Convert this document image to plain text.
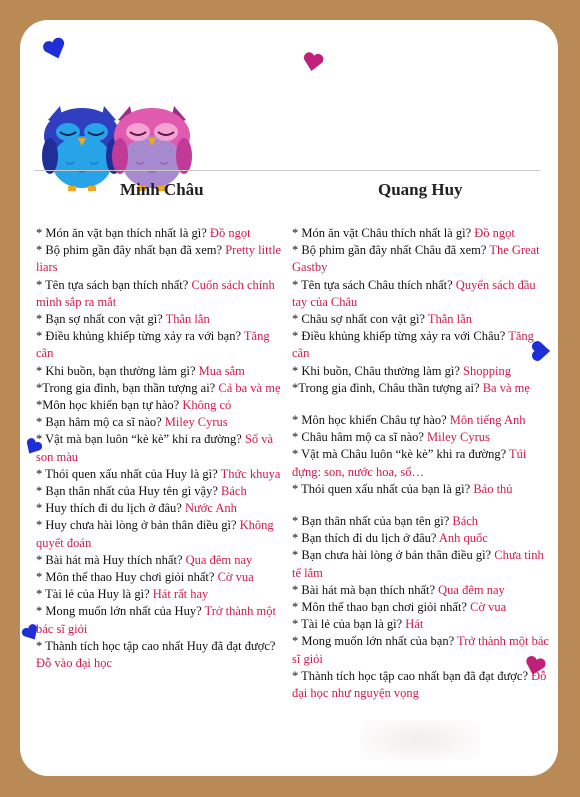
Minh Châu
* Món ăn vặt bạn thích nhất là gì? Đồ ngọt
* Bộ phim gần đây nhất bạn đã xem? Pretty little liars
* Tên tựa sách bạn thích nhất? Cuốn sách chính mình sắp ra mắt
* Bạn sợ nhất con vật gì? Thằn lằn
* Điều khủng khiếp từng xảy ra với bạn? Tăng cân
* Khi buồn, bạn thường làm gì? Mua sắm
*Trong gia đình, bạn thần tượng ai? Cả ba và mẹ
*Môn học khiến bạn tự hào? Không có
* Bạn hâm mộ ca sĩ nào? Miley Cyrus
* Vật mà bạn luôn “kè kè” khi ra đường? Sổ và son màu
* Thói quen xấu nhất của Huy là gì? Thức khuya
* Bạn thân nhất của Huy tên gì vậy? Bách
* Huy thích đi du lịch ở đâu? Nước Anh
* Huy chưa hài lòng ở bản thân điều gì? Không quyết đoán
* Bài hát mà Huy thích nhất? Qua đêm nay
* Môn thể thao Huy chơi giỏi nhất? Cờ vua
* Tài lẻ của Huy là gì? Hát rất hay
* Mong muốn lớn nhất của Huy? Trở thành một bác sĩ giỏi
* Thành tích học tập cao nhất Huy đã đạt được? Đỗ vào đại học
Quang Huy
* Món ăn vặt Châu thích nhất là gì? Đồ ngọt
* Bộ phim gần đây nhất Châu đã xem? The Great Gastby
* Tên tựa sách Châu thích nhất? Quyển sách đầu tay của Châu
* Châu sợ nhất con vật gì? Thằn lằn
* Điều khủng khiếp từng xảy ra với Châu? Tăng cân
* Khi buồn, Châu thường làm gì? Shopping
*Trong gia đình, Châu thần tượng ai? Ba và mẹ
* Môn học khiến Châu tự hào? Môn tiếng Anh
* Châu hâm mộ ca sĩ nào? Miley Cyrus
* Vật mà Châu luôn “kè kè” khi ra đường? Túi đựng: son, nước hoa, sổ…
* Thói quen xấu nhất của bạn là gì? Bảo thủ
* Bạn thân nhất của bạn tên gì? Bách
* Bạn thích đi du lịch ở đâu? Anh quốc
* Bạn chưa hài lòng ở bản thân điều gì? Chưa tinh tế lắm
* Bài hát mà bạn thích nhất? Qua đêm nay
* Môn thể thao bạn chơi giỏi nhất? Cờ vua
* Tài lẻ của bạn là gì? Hát
* Mong muốn lớn nhất của bạn? Trở thành một bác sĩ giỏi
* Thành tích học tập cao nhất bạn đã đạt được? Đỗ đại học như nguyện vọng
